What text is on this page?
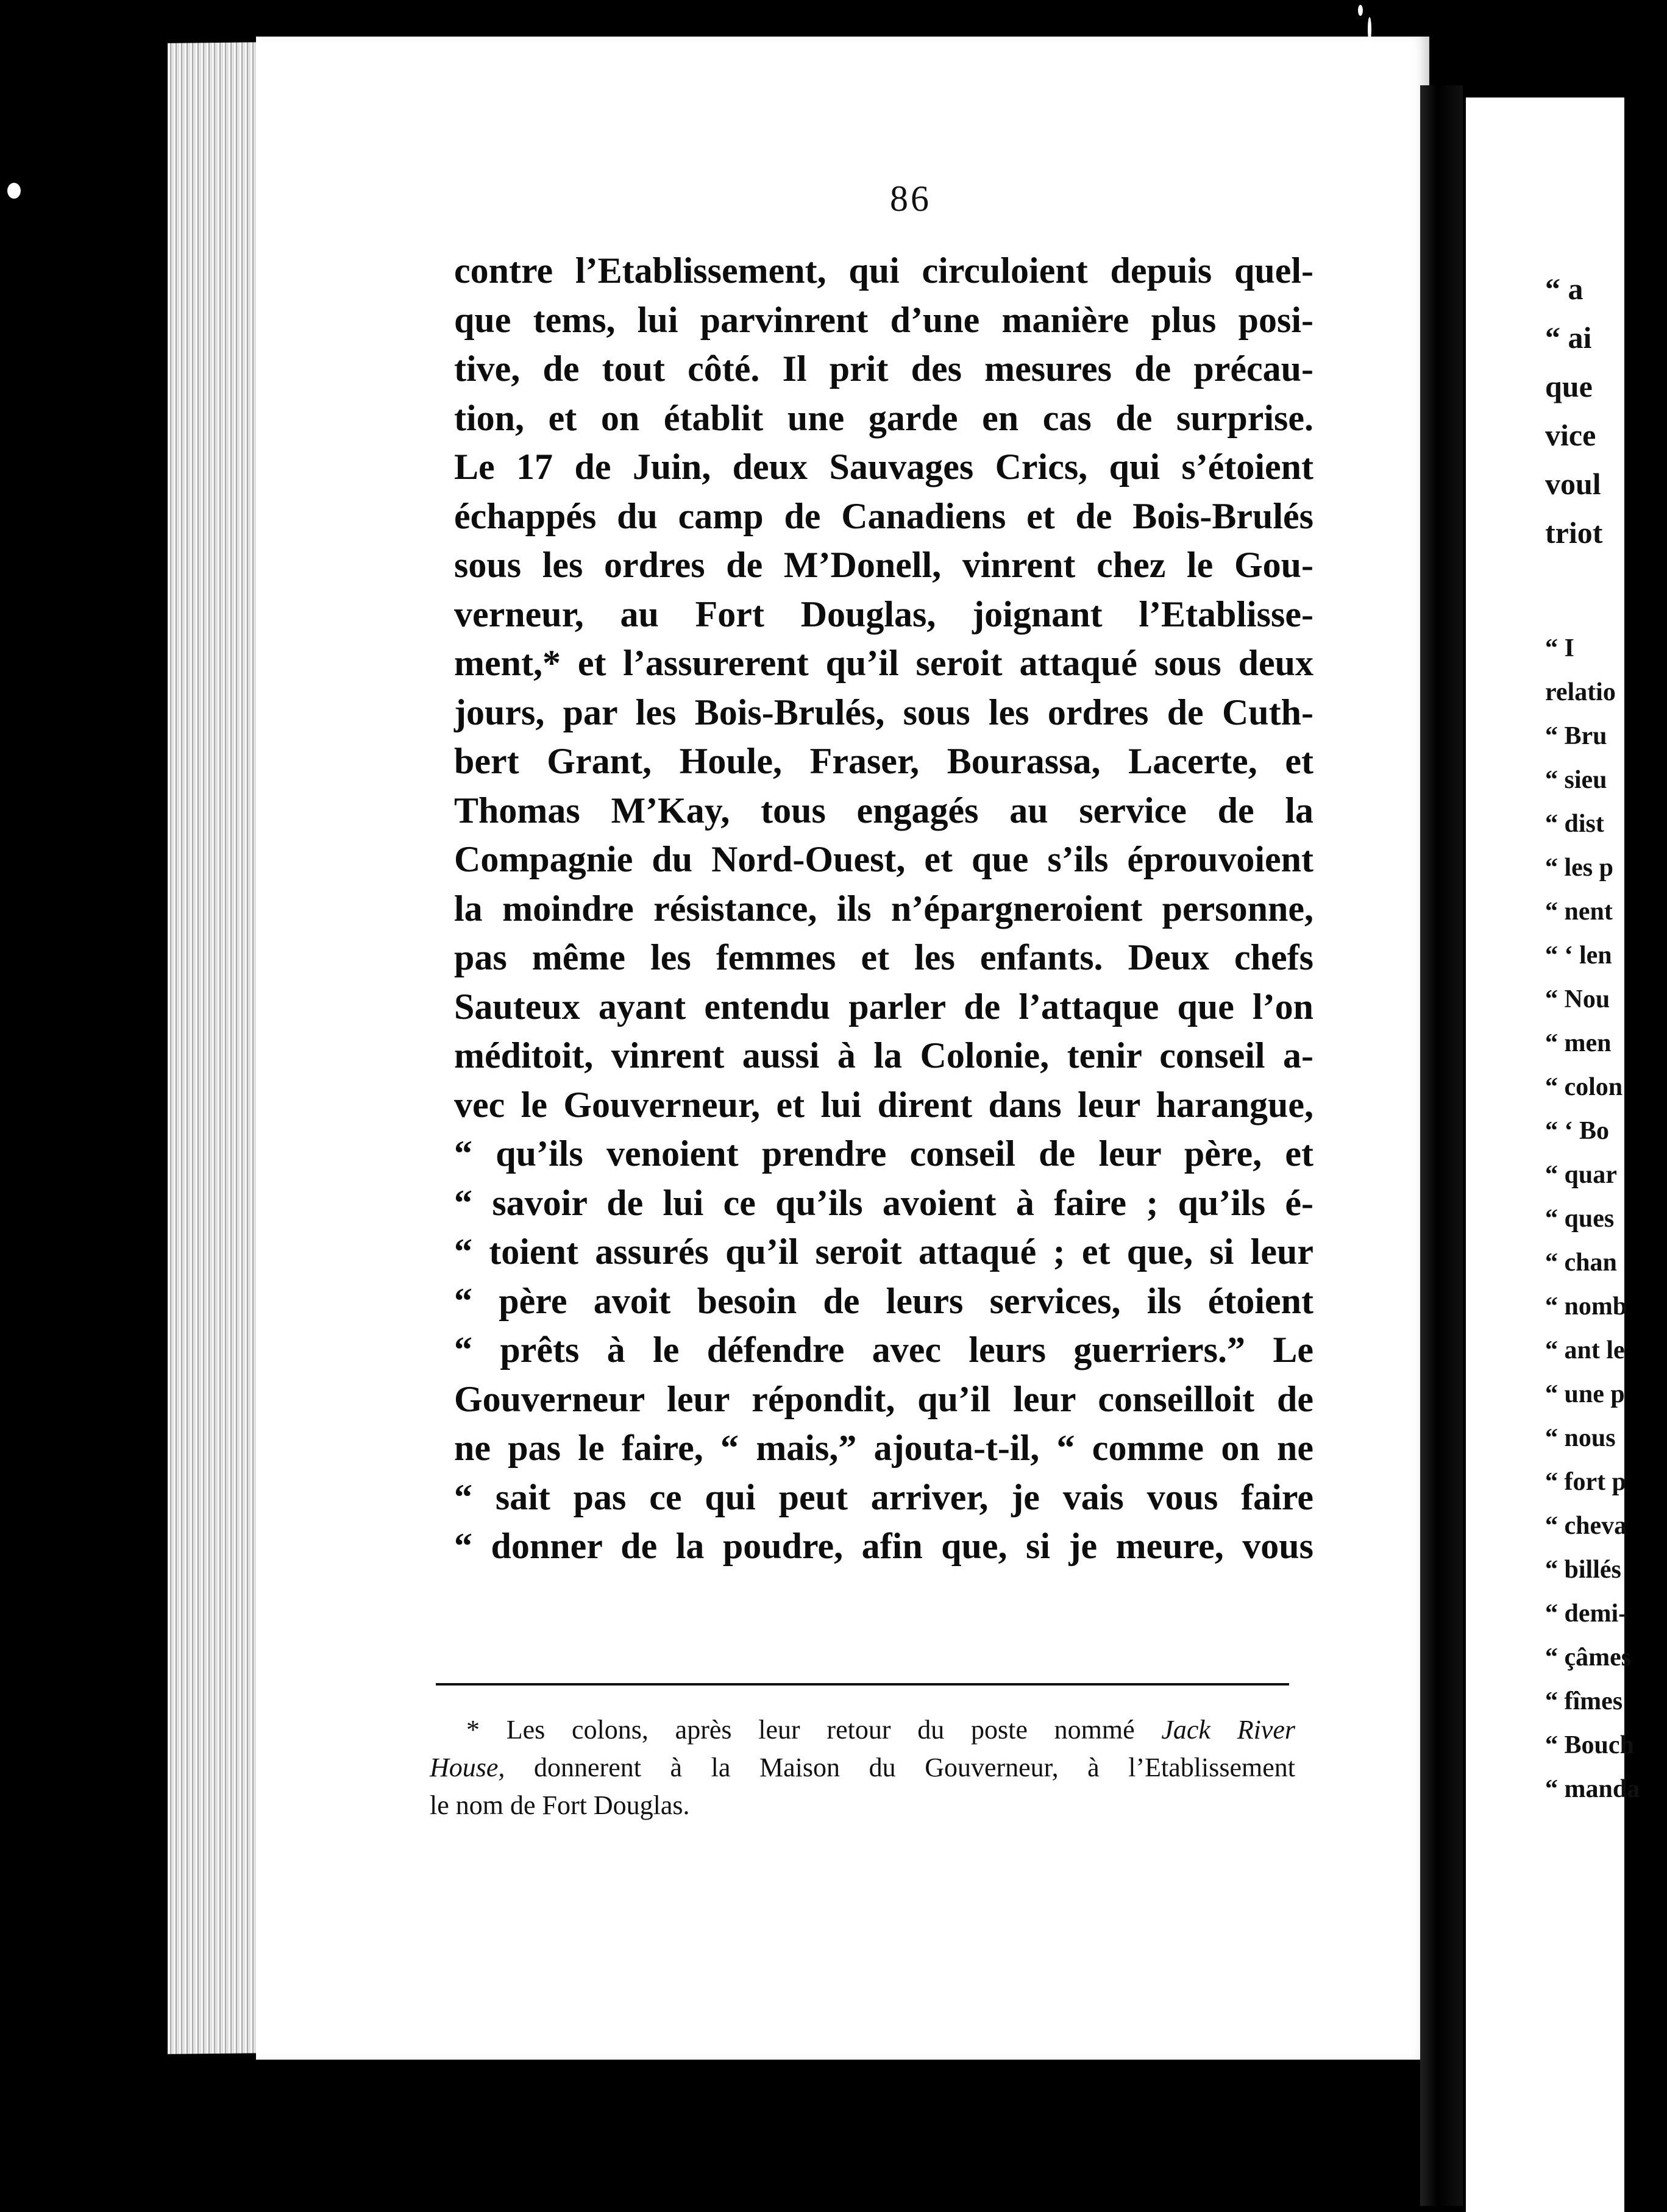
86
contre l’Etablissement, qui circuloient depuis quel-
que tems, lui parvinrent d’une manière plus posi-
tive, de tout côté. Il prit des mesures de précau-
tion, et on établit une garde en cas de surprise.
Le 17 de Juin, deux Sauvages Crics, qui s’étoient
échappés du camp de Canadiens et de Bois-Brulés
sous les ordres de M’Donell, vinrent chez le Gou-
verneur, au Fort Douglas, joignant l’Etablisse-
ment,* et l’assurerent qu’il seroit attaqué sous deux
jours, par les Bois-Brulés, sous les ordres de Cuth-
bert Grant, Houle, Fraser, Bourassa, Lacerte, et
Thomas M’Kay, tous engagés au service de la
Compagnie du Nord-Ouest, et que s’ils éprouvoient
la moindre résistance, ils n’épargneroient personne,
pas même les femmes et les enfants. Deux chefs
Sauteux ayant entendu parler de l’attaque que l’on
méditoit, vinrent aussi à la Colonie, tenir conseil a-
vec le Gouverneur, et lui dirent dans leur harangue,
“ qu’ils venoient prendre conseil de leur père, et
“ savoir de lui ce qu’ils avoient à faire ; qu’ils é-
“ toient assurés qu’il seroit attaqué ; et que, si leur
“ père avoit besoin de leurs services, ils étoient
“ prêts à le défendre avec leurs guerriers.” Le
Gouverneur leur répondit, qu’il leur conseilloit de
ne pas le faire, “ mais,” ajouta-t-il, “ comme on ne
“ sait pas ce qui peut arriver, je vais vous faire
“ donner de la poudre, afin que, si je meure, vous
* Les colons, après leur retour du poste nommé Jack River
House, donnerent à la Maison du Gouverneur, à l’Etablissement
le nom de Fort Douglas.
“ a
“ ai
que
vice
voul
triot
“ I
relatio
“ Bru
“ sieu
“ dist
“ les p
“ nent
“ ‘ len
“ Nou
“ men
“ colon
“ ‘ Bo
“ quar
“ ques
“ chan
“ nomb
“ ant le
“ une p
“ nous
“ fort p
“ cheva
“ billés
“ demi-
“ çâmes
“ fîmes
“ Bouch
“ manda
